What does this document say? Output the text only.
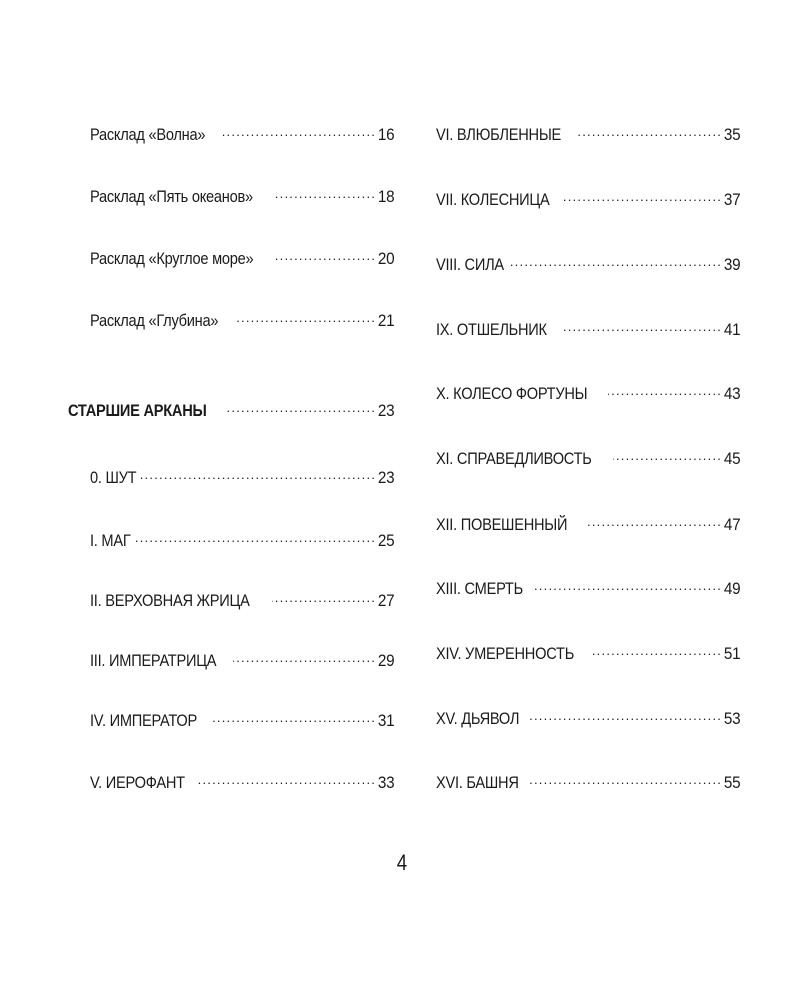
Расклад «Волна» . . .	16
Расклад «Пять океанов» . . .	18
Расклад «Круглое море» . . .	20
Расклад «Глубина» . . .	21
СТАРШИЕ АРКАНЫ . . .	23
0. ШУТ . . .	23
I. МАГ . . .	25
II. ВЕРХОВНАЯ ЖРИЦА . . .	27
III. ИМПЕРАТРИЦА . . .	29
IV. ИМПЕРАТОР . . .	31
V. ИЕРОФАНТ . . .	33
VI. ВЛЮБЛЕННЫЕ . . .	35
VII. КОЛЕСНИЦА . . .	37
VIII. СИЛА . . .	39
IX. ОТШЕЛЬНИК . . .	41
X. КОЛЕСО ФОРТУНЫ . . .	43
XI. СПРАВЕДЛИВОСТЬ . . .	45
XII. ПОВЕШЕННЫЙ . . .	47
XIII. СМЕРТЬ . . .	49
XIV. УМЕРЕННОСТЬ . . .	51
XV. ДЬЯВОЛ . . .	53
XVI. БАШНЯ . . .	55
4
